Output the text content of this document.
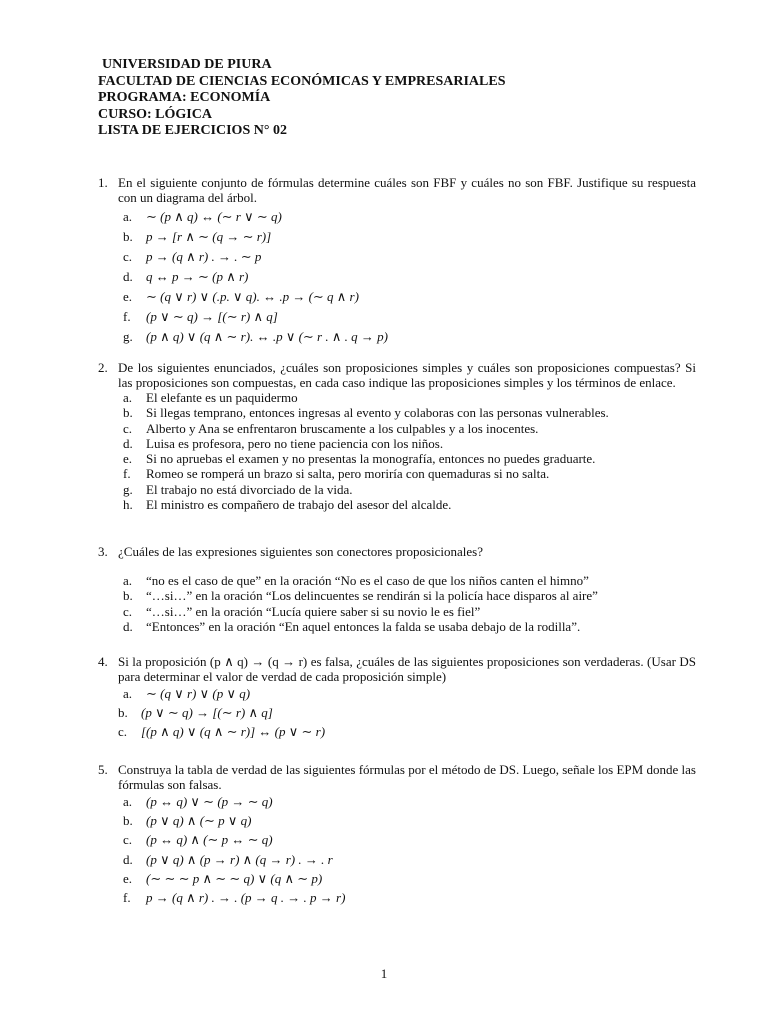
UNIVERSIDAD DE PIURA
FACULTAD DE CIENCIAS ECONÓMICAS Y EMPRESARIALES
PROGRAMA: ECONOMÍA
CURSO: LÓGICA
LISTA DE EJERCICIOS N° 02
1. En el siguiente conjunto de fórmulas determine cuáles son FBF y cuáles no son FBF. Justifique su respuesta con un diagrama del árbol.
a.	∼ (p ∧ q) ↔ (∼ r ∨ ∼ q)
b.	p → [r ∧ ∼ (q → ∼ r)]
c.	p → (q ∧ r) . → . ∼ p
d.	q ↔ p → ∼ (p ∧ r)
e.	∼ (q ∨ r) ∨ (.p. ∨ q). ↔ .p → (∼ q ∧ r)
f.	(p ∨ ∼ q) → [(∼ r) ∧ q]
g.	(p ∧ q) ∨ (q ∧ ∼ r). ↔ .p ∨ (∼ r . ∧ . q → p)
2. De los siguientes enunciados, ¿cuáles son proposiciones simples y cuáles son proposiciones compuestas? Si las proposiciones son compuestas, en cada caso indique las proposiciones simples y los términos de enlace.
a.	El elefante es un paquidermo
b.	Si llegas temprano, entonces ingresas al evento y colaboras con las personas vulnerables.
c.	Alberto y Ana se enfrentaron bruscamente a los culpables y a los inocentes.
d.	Luisa es profesora, pero no tiene paciencia con los niños.
e.	Si no apruebas el examen y no presentas la monografía, entonces no puedes graduarte.
f.	Romeo se romperá un brazo si salta, pero moriría con quemaduras si no salta.
g.	El trabajo no está divorciado de la vida.
h.	El ministro es compañero de trabajo del asesor del alcalde.
3. ¿Cuáles de las expresiones siguientes son conectores proposicionales?
a.	“no es el caso de que” en la oración “No es el caso de que los niños canten el himno”
b.	“…si…” en la oración “Los delincuentes se rendirán si la policía hace disparos al aire”
c.	“…si…” en la oración “Lucía quiere saber si su novio le es fiel”
d.	“Entonces” en la oración “En aquel entonces la falda se usaba debajo de la rodilla”.
4. Si la proposición (p ∧ q) → (q → r) es falsa, ¿cuáles de las siguientes proposiciones son verdaderas. (Usar DS para determinar el valor de verdad de cada proposición simple)
a.	∼ (q ∨ r) ∨ (p ∨ q)
b.	(p ∨ ∼ q) → [(∼ r) ∧ q]
c.	[(p ∧ q) ∨ (q ∧ ∼ r)] ↔ (p ∨ ∼ r)
5. Construya la tabla de verdad de las siguientes fórmulas por el método de DS. Luego, señale los EPM donde las fórmulas son falsas.
a.	(p ↔ q) ∨ ∼ (p → ∼ q)
b.	(p ∨ q) ∧ (∼ p ∨ q)
c.	(p ↔ q) ∧ (∼ p ↔ ∼ q)
d.	(p ∨ q) ∧ (p → r) ∧ (q → r) . → . r
e.	(∼ ∼ ∼ p ∧ ∼ ∼ q) ∨ (q ∧ ∼ p)
f.	p → (q ∧ r) . → . (p → q . → . p → r)
1
